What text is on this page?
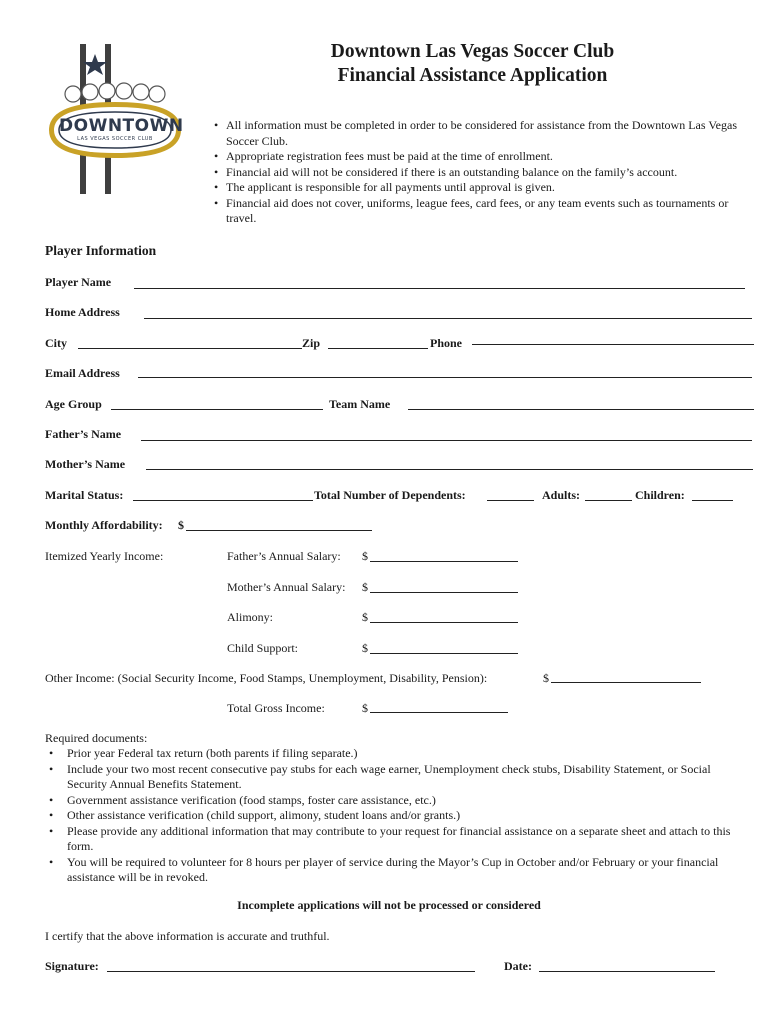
DOWNTOWN
LAS VEGAS SOCCER CLUB
Downtown Las Vegas Soccer Club
Financial Assistance Application
• All information must be completed in order to be considered for assistance from the Downtown Las Vegas Soccer Club.
• Appropriate registration fees must be paid at the time of enrollment.
• Financial aid will not be considered if there is an outstanding balance on the family’s account.
• The applicant is responsible for all payments until approval is given.
• Financial aid does not cover, uniforms, league fees, card fees, or any team events such as tournaments or travel.
Player Information
Player Name
Home Address
City	Zip	Phone
Email Address
Age Group	Team Name
Father’s Name
Mother’s Name
Marital Status:	Total Number of Dependents:	Adults:	Children:
Monthly Affordability: $
Itemized Yearly Income:	Father’s Annual Salary: $
Mother’s Annual Salary: $
Alimony:	$
Child Support:	$
Other Income: (Social Security Income, Food Stamps, Unemployment, Disability, Pension):	$
Total Gross Income:	$
Required documents:
• Prior year Federal tax return (both parents if filing separate.)
• Include your two most recent consecutive pay stubs for each wage earner, Unemployment check stubs, Disability Statement, or Social Security Annual Benefits Statement.
• Government assistance verification (food stamps, foster care assistance, etc.)
• Other assistance verification (child support, alimony, student loans and/or grants.)
• Please provide any additional information that may contribute to your request for financial assistance on a separate sheet and attach to this form.
• You will be required to volunteer for 8 hours per player of service during the Mayor’s Cup in October and/or February or your financial assistance will be in revoked.
Incomplete applications will not be processed or considered
I certify that the above information is accurate and truthful.
Signature:	Date:
